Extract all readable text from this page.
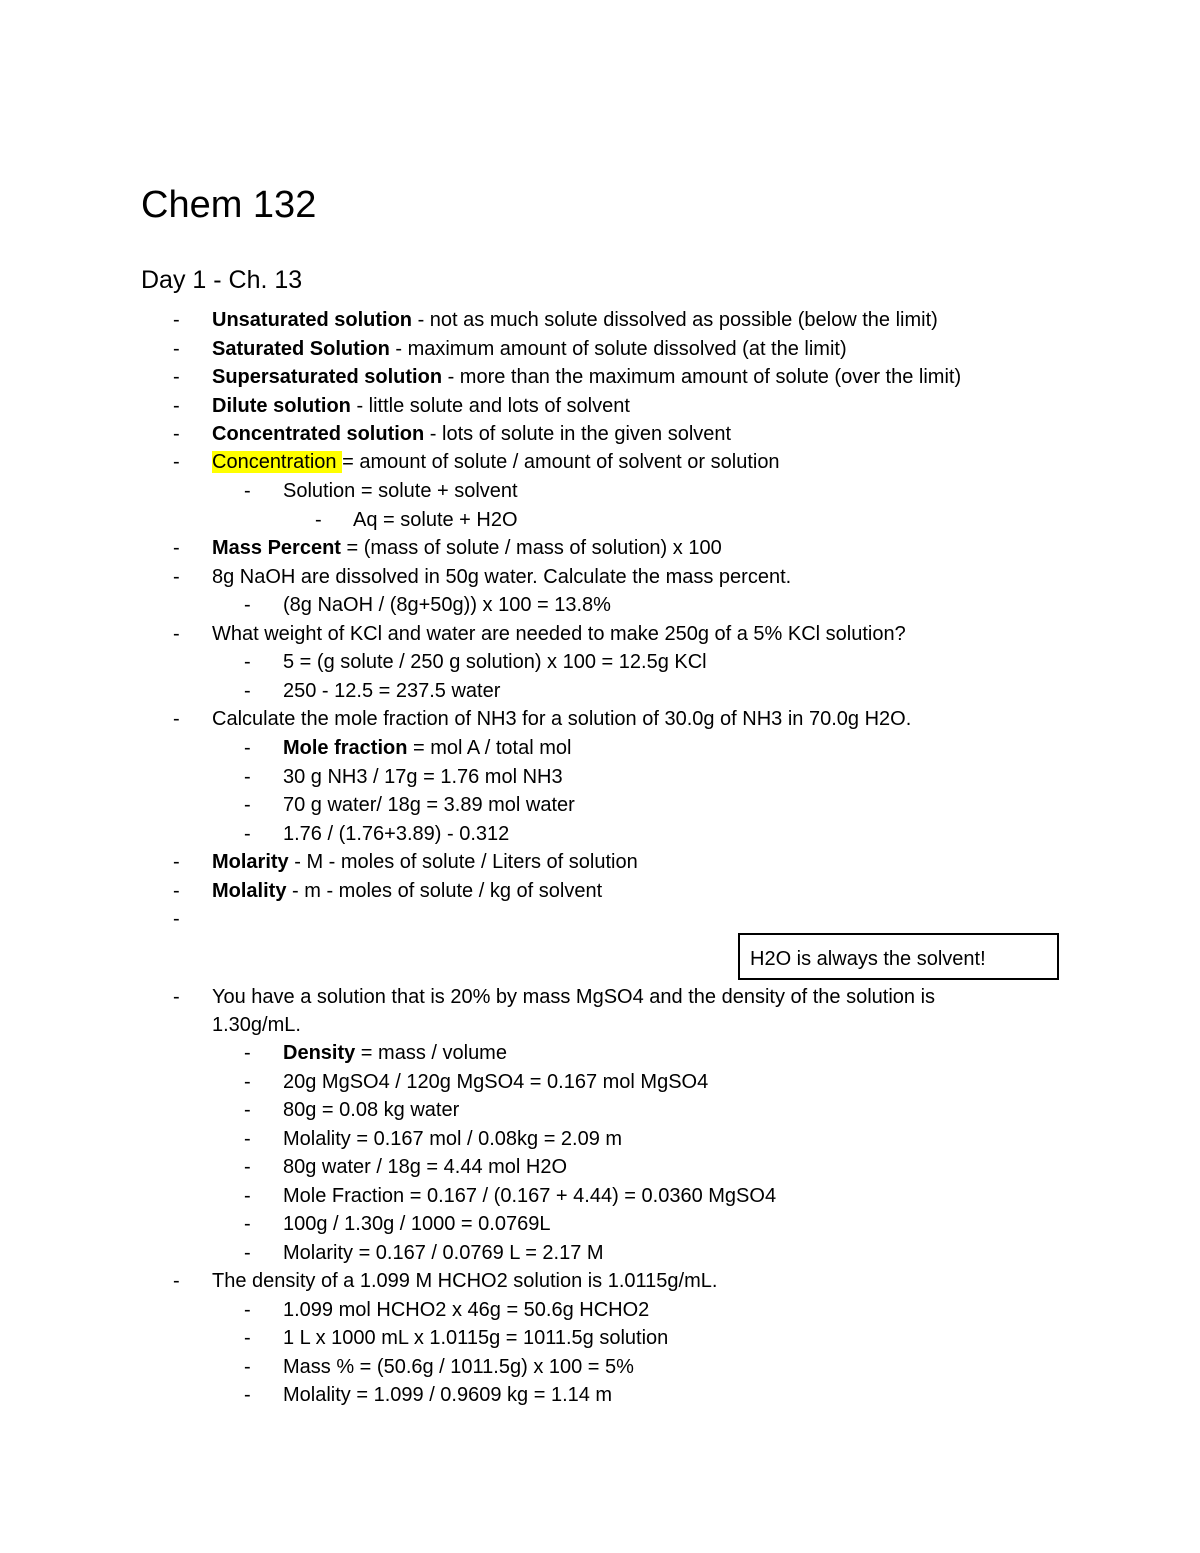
Chem 132
Day 1 - Ch. 13
-	Unsaturated solution - not as much solute dissolved as possible (below the limit)
-	Saturated Solution - maximum amount of solute dissolved (at the limit)
-	Supersaturated solution - more than the maximum amount of solute (over the limit)
-	Dilute solution - little solute and lots of solvent
-	Concentrated solution - lots of solute in the given solvent
-	Concentration = amount of solute / amount of solvent or solution
-	Solution = solute + solvent
-	Aq = solute + H2O
-	Mass Percent = (mass of solute / mass of solution) x 100
-	8g NaOH are dissolved in 50g water. Calculate the mass percent.
-	(8g NaOH / (8g+50g)) x 100 = 13.8%
-	What weight of KCl and water are needed to make 250g of a 5% KCl solution?
-	5 = (g solute / 250 g solution) x 100 = 12.5g KCl
-	250 - 12.5 = 237.5 water
-	Calculate the mole fraction of NH3 for a solution of 30.0g of NH3 in 70.0g H2O.
-	Mole fraction = mol A / total mol
-	30 g NH3 / 17g = 1.76 mol NH3
-	70 g water/ 18g = 3.89 mol water
-	1.76 / (1.76+3.89) - 0.312
-	Molarity - M - moles of solute / Liters of solution
-	Molality - m - moles of solute / kg of solvent
-
H2O is always the solvent!
-	You have a solution that is 20% by mass MgSO4 and the density of the solution is
1.30g/mL.
-	Density = mass / volume
-	20g MgSO4 / 120g MgSO4 = 0.167 mol MgSO4
-	80g = 0.08 kg water
-	Molality = 0.167 mol / 0.08kg = 2.09 m
-	80g water / 18g = 4.44 mol H2O
-	Mole Fraction = 0.167 / (0.167 + 4.44) = 0.0360 MgSO4
-	100g / 1.30g / 1000 = 0.0769L
-	Molarity = 0.167 / 0.0769 L = 2.17 M
-	The density of a 1.099 M HCHO2 solution is 1.0115g/mL.
-	1.099 mol HCHO2 x 46g = 50.6g HCHO2
-	1 L x 1000 mL x 1.0115g = 1011.5g solution
-	Mass % = (50.6g / 1011.5g) x 100 = 5%
-	Molality = 1.099 / 0.9609 kg = 1.14 m
